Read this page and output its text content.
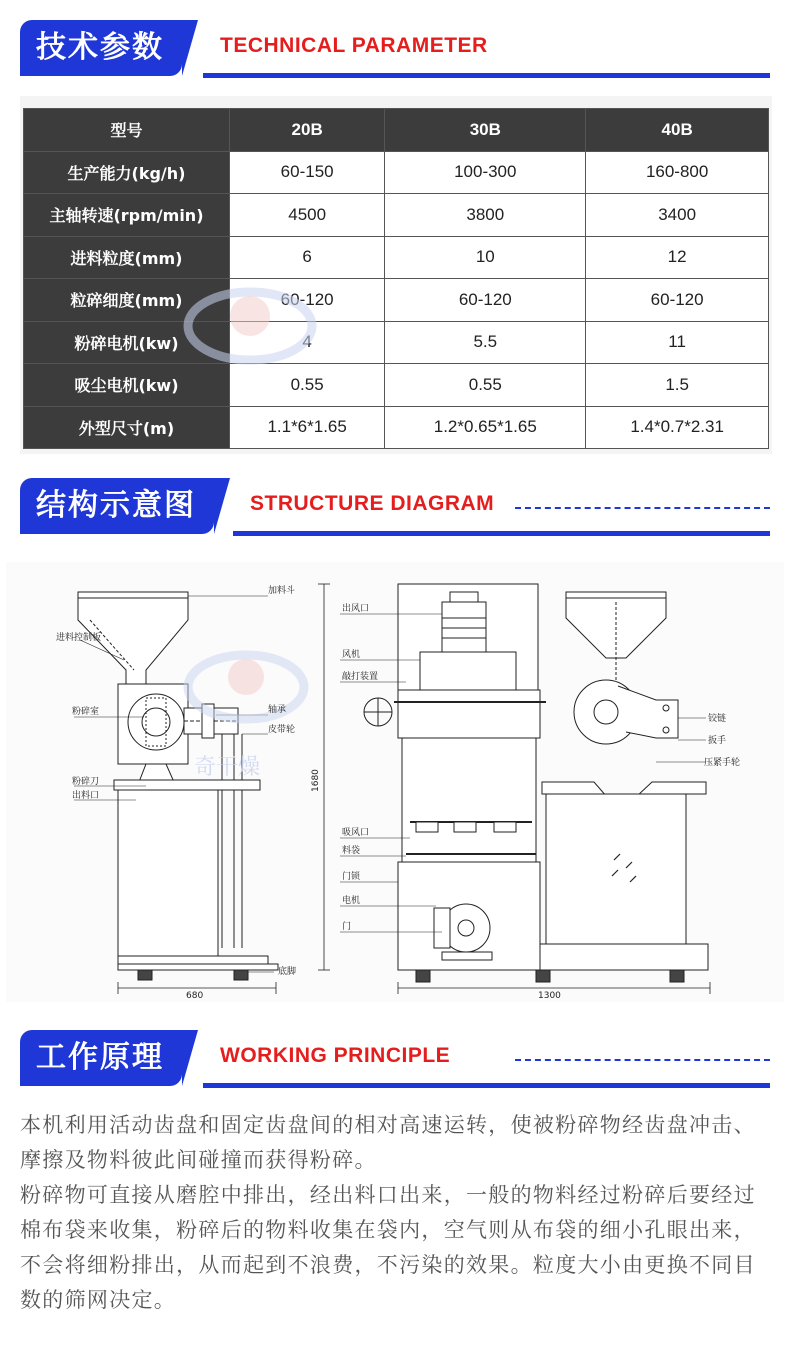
技术参数	TECHNICAL PARAMETER
型号	20B	30B	40B
生产能力(kg/h)	60-150	100-300	160-800
主轴转速(rpm/min)	4500	3800	3400
进料粒度(mm)	6	10	12
粒碎细度(mm)	60-120	60-120	60-120
粉碎电机(kw)	4	5.5	11
吸尘电机(kw)	0.55	0.55	1.5
外型尺寸(m)	1.1*6*1.65	1.2*0.65*1.65	1.4*0.7*2.31
结构示意图	STRUCTURE DIAGRAM
加料斗
进料控制板
粉碎室	轴承
皮带轮
粉碎刀
出料口
底脚
680
出风口
风机
敲打装置
吸风口
料袋
门锁
电机
门
铰链
扳手
压紧手轮
1300
1680
奇干燥
工作原理	WORKING PRINCIPLE
本机利用活动齿盘和固定齿盘间的相对高速运转，使被粉碎物经齿盘冲击、摩擦及物料彼此间碰撞而获得粉碎。
粉碎物可直接从磨腔中排出，经出料口出来，一般的物料经过粉碎后要经过棉布袋来收集，粉碎后的物料收集在袋内，空气则从布袋的细小孔眼出来，不会将细粉排出，从而起到不浪费，不污染的效果。粒度大小由更换不同目数的筛网决定。
